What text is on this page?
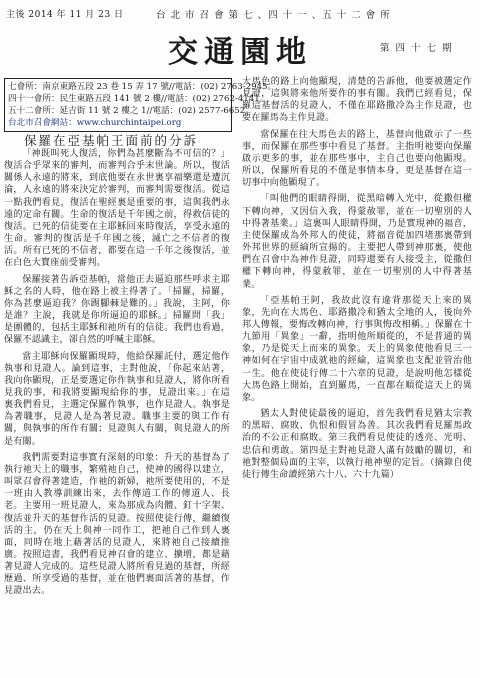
主後 2014 年 11 月 23 日	台 北 市 召 會 第 七 、四 十 一 、五 十 二 會 所
交通園地	第 四 十 七 期
七會所：南京東路五段 23 巷 15 弄 17 號//電話：(02) 2763-2945。
四十一會所：民生東路五段 141 號 2 樓//電話：(02) 2762-4141。
五十二會所：延吉街 11 號 2 樓之 1//電話：(02) 2577-6652。
台北市召會網站：www.churchintaipei.org
保羅在亞基帕王面前的分訴

「神既叫死人復活，你們為甚麼斷為不可信的？」復活合乎眾來的審判，而審判合乎末世論。所以，復活關係人永遠的將來，到底他要在永世裏享福樂還是遭沉淪，人永遠的將來決定於審判，而審判需要復活。從這一點我們看見，復活在聖經裏是重要的事，這與我們永遠的定命有關。生命的復活是千年國之前，得救信徒的復活。已死的信徒要在主耶穌回來時復活，享受永遠的生命。審判的復活是千年國之後，滅亡之不信者的復活。所有已死的不信者，都要在這一千年之後復活，並在白色大寶座前受審判。

保羅接著告訴亞基帕，當他正去逼迫那些呼求主耶穌之名的人時，他在路上被主得著了。「掃羅，掃羅，你為甚麼逼迫我？你踢腳棘是難的。」我說，主阿，你是誰？主說，我就是你所逼迫的耶穌。」掃羅問「我」是團體的，包括主耶穌和祂所有的信徒。我們也看過，保羅不認識主，卻自然的呼喊主耶穌。

當主耶穌向保羅顯現時，他給保羅託付，選定他作執事和見證人。論到這事，主對他說，「你起來站著，我向你顯現，正是要選定你作執事和見證人，將你所看見我的事，和我將要顯現給你的事，見證出來。」在這裏我們看見，主選定保羅作執事，也作見證人。執事是為著職事，見證人是為著見證。職事主要的與工作有關，與執事的所作有關；見證與人有關，與見證人的所是有關。

我們需要對這事實有深刻的印象：升天的基督為了執行祂天上的職事，繁殖祂自己，使神的國得以建立，叫眾召會得著建造，作祂的新婦，祂所要使用的，不是一班由人教導訓練出來，去作傳道工作的傳道人、長老。主要用一班見證人，來為那成為肉體、釘十字架、復活並升天的基督作活的見證。按照使徒行傳，繼續復活的主，仍在天上與神一同作工，把祂自己作到人裏面，同時在地上藉著活的見證人，來將祂自己接續推廣。按照這書，我們看見神召會的建立、擴增，都是藉著見證人完成的。這些見證人將所看見過的基督，所經歷過、所享受過的基督，並在他們裏面活著的基督，作見證出去。

大馬色的路上向他顯現，清楚的告訴他，他要被選定作見證，這與將來他所要作的事有關。我們已經看見，保羅這基督活的見證人，不僅在耶路撒冷為主作見證，也要在羅馬為主作見證。

當保羅在往大馬色去的路上，基督向他啟示了一些事，而保羅在那些事中看見了基督。主指明祂要向保羅啟示更多的事，並在那些事中，主自己也要向他顯現。所以，保羅所看見的不僅是事情本身，更是基督在這一切事中向他顯現了。

「叫他們的眼睛得開，從黑暗轉入光中，從撒但權下轉向神，又因信入我，得蒙赦罪，並在一切聖別的人中得著基業。」這裏叫人眼睛得開，乃是實現神的福音，主使保羅成為外邦人的使徒，將福音從加四堵那裏帶到外邦世界的經綸所宣揚的。主要把人帶到神那裏，使他們在召會中為神作見證，同時還要有人接受主，從撒但權下轉向神，得蒙赦罪，並在一切聖別的人中得著基業。

「亞基帕王阿，我故此沒有違背那從天上來的異象，先向在大馬色、耶路撒冷和猶太全地的人，後向外邦人傳報，要悔改轉向神，行事與悔改相稱。」保羅在十九節用「異象」一辭，指明他所順從的，不是普通的異象，乃是從天上而來的異象。天上的異象使他看見三一神如何在宇宙中成就祂的經綸，這異象也支配並管治他一生。他在使徒行傳二十六章的見證，是說明他怎樣從大馬色路上開始，直到羅馬，一直都在順從這天上的異象。

猶太人對使徒最後的逼迫，首先我們看見猶太宗教的黑暗、腐敗、仇恨和假冒為善。其次我們看見羅馬政治的不公正和腐敗。第三我們看見使徒的透亮、光明、忠信和勇敢。第四是主對祂見證人滿有鼓勵的關切，和祂對整個局面的主宰，以執行祂神聖的定旨。（摘錄自使徒行傳生命讀經第六十八、六十九篇）
